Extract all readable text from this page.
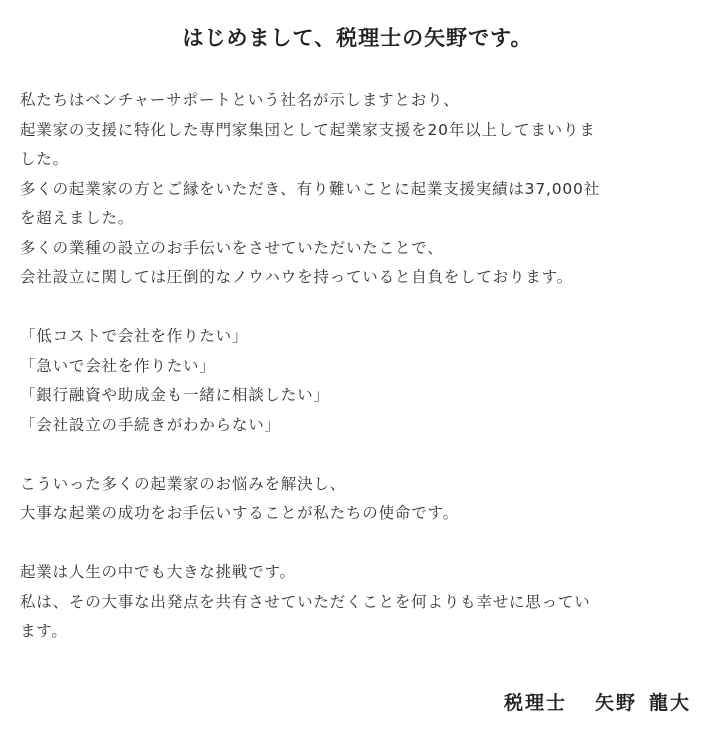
はじめまして、税理士の矢野です。

私たちはベンチャーサポートという社名が示しますとおり、
起業家の支援に特化した専門家集団として起業家支援を20年以上してまいりま
した。
多くの起業家の方とご縁をいただき、有り難いことに起業支援実績は37,000社
を超えました。
多くの業種の設立のお手伝いをさせていただいたことで、
会社設立に関しては圧倒的なノウハウを持っていると自負をしております。

「低コストで会社を作りたい」
「急いで会社を作りたい」
「銀行融資や助成金も一緒に相談したい」
「会社設立の手続きがわからない」

こういった多くの起業家のお悩みを解決し、
大事な起業の成功をお手伝いすることが私たちの使命です。

起業は人生の中でも大きな挑戦です。
私は、その大事な出発点を共有させていただくことを何よりも幸せに思ってい
ます。

税理士 矢野 龍大
